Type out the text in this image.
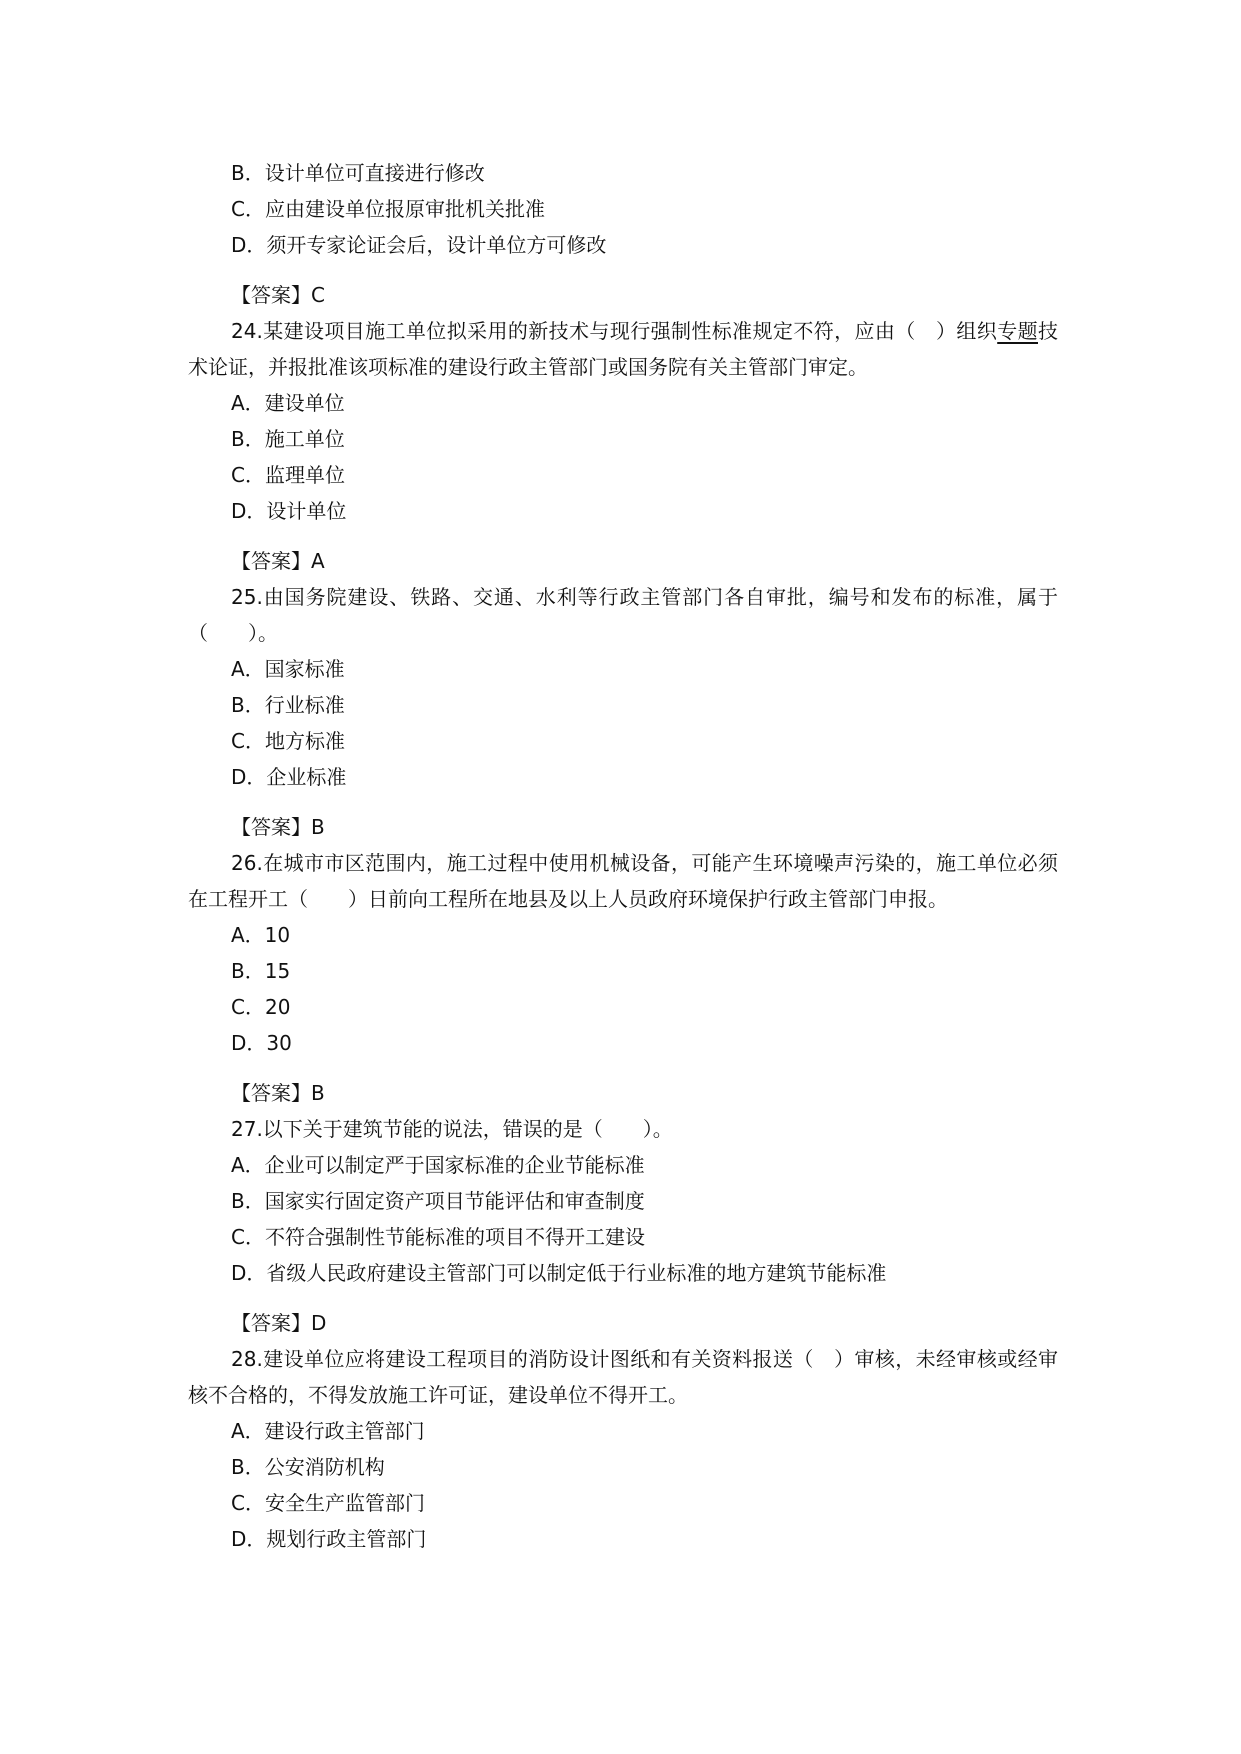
B．设计单位可直接进行修改
C．应由建设单位报原审批机关批准
D．须开专家论证会后，设计单位方可修改
【答案】C
24.某建设项目施工单位拟采用的新技术与现行强制性标准规定不符，应由（　）组织专题技术论证，并报批准该项标准的建设行政主管部门或国务院有关主管部门审定。
A．建设单位
B．施工单位
C．监理单位
D．设计单位
【答案】A
25.由国务院建设、铁路、交通、水利等行政主管部门各自审批，编号和发布的标准，属于（　　）。
A．国家标准
B．行业标准
C．地方标准
D．企业标准
【答案】B
26.在城市市区范围内，施工过程中使用机械设备，可能产生环境噪声污染的，施工单位必须在工程开工（　　）日前向工程所在地县及以上人员政府环境保护行政主管部门申报。
A．10
B．15
C．20
D．30
【答案】B
27.以下关于建筑节能的说法，错误的是（　　）。
A．企业可以制定严于国家标准的企业节能标准
B．国家实行固定资产项目节能评估和审查制度
C．不符合强制性节能标准的项目不得开工建设
D．省级人民政府建设主管部门可以制定低于行业标准的地方建筑节能标准
【答案】D
28.建设单位应将建设工程项目的消防设计图纸和有关资料报送（　）审核，未经审核或经审核不合格的，不得发放施工许可证，建设单位不得开工。
A．建设行政主管部门
B．公安消防机构
C．安全生产监管部门
D．规划行政主管部门
